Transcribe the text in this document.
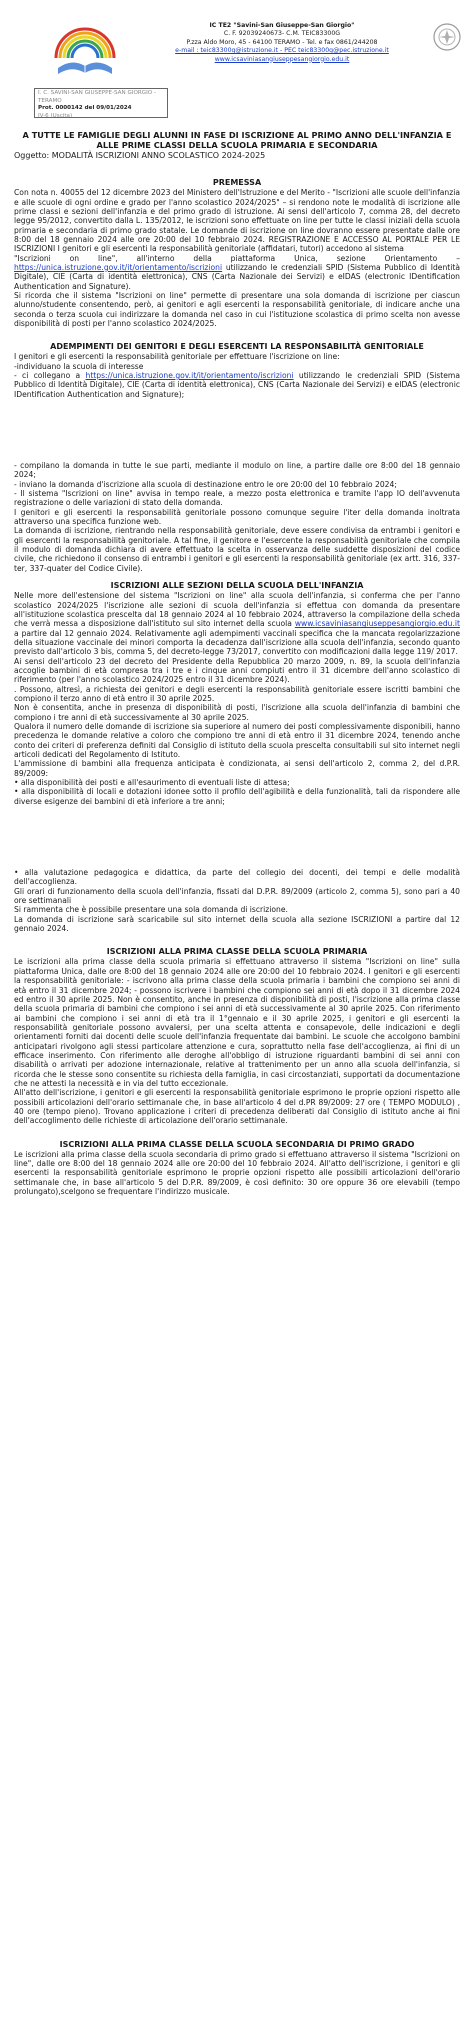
IC TE2 "Savini-San Giuseppe-San Giorgio"
C. F. 92039240673- C.M. TEIC83300G
P.zza Aldo Moro, 45 - 64100 TERAMO - Tel. e fax 0861/244208
e-mail : teic83300g@istruzione.it - PEC teic83300g@pec.istruzione.it
www.icsaviniasangiuseppesangiorgio.edu.it
I. C. SAVINI-SAN GIUSEPPE-SAN GIORGIO - TERAMO
Prot. 0000142 del 09/01/2024
IV-6 (Uscita)
A TUTTE LE FAMIGLIE DEGLI ALUNNI IN FASE DI ISCRIZIONE AL PRIMO ANNO DELL'INFANZIA E ALLE PRIME CLASSI DELLA SCUOLA PRIMARIA E SECONDARIA
Oggetto: MODALITÀ ISCRIZIONI ANNO SCOLASTICO 2024-2025
PREMESSA

Con nota n. 40055 del 12 dicembre 2023 del Ministero dell'Istruzione e del Merito - "Iscrizioni alle scuole dell'infanzia e alle scuole di ogni ordine e grado per l'anno scolastico 2024/2025" – si rendono note le modalità di iscrizione alle prime classi e sezioni dell'infanzia e del primo grado di istruzione. Ai sensi dell'articolo 7, comma 28, del decreto legge 95/2012, convertito dalla L. 135/2012, le iscrizioni sono effettuate on line per tutte le classi iniziali della scuola primaria e secondaria di primo grado statale. Le domande di iscrizione on line dovranno essere presentate dalle ore 8:00 del 18 gennaio 2024 alle ore 20:00 del 10 febbraio 2024. REGISTRAZIONE E ACCESSO AL PORTALE PER LE ISCRIZIONI I genitori e gli esercenti la responsabilità genitoriale (affidatari, tutori) accedono al sistema

"Iscrizioni on line", all'interno della piattaforma Unica, sezione Orientamento – https://unica.istruzione.gov.it/it/orientamento/iscrizioni utilizzando le credenziali SPID (Sistema Pubblico di Identità Digitale), CIE (Carta di identità elettronica), CNS (Carta Nazionale dei Servizi) e eIDAS (electronic IDentification Authentication and Signature).

Si ricorda che il sistema "Iscrizioni on line" permette di presentare una sola domanda di iscrizione per ciascun alunno/studente consentendo, però, ai genitori e agli esercenti la responsabilità genitoriale, di indicare anche una seconda o terza scuola cui indirizzare la domanda nel caso in cui l'istituzione scolastica di primo scelta non avesse disponibilità di posti per l'anno scolastico 2024/2025.

ADEMPIMENTI DEI GENITORI E DEGLI ESERCENTI LA RESPONSABILITÀ GENITORIALE

I genitori e gli esercenti la responsabilità genitoriale per effettuare l'iscrizione on line:

-individuano la scuola di interesse

- ci collegano a https://unica.istruzione.gov.it/it/orientamento/iscrizioni utilizzando le credenziali SPID (Sistema Pubblico di Identità Digitale), CIE (Carta di identità elettronica), CNS (Carta Nazionale dei Servizi) e eIDAS (electronic IDentification Authentication and Signature);

- compilano la domanda in tutte le sue parti, mediante il modulo on line, a partire dalle ore 8:00 del 18 gennaio 2024;

- inviano la domanda d'iscrizione alla scuola di destinazione entro le ore 20:00 del 10 febbraio 2024;

- Il sistema "Iscrizioni on line" avvisa in tempo reale, a mezzo posta elettronica e tramite l'app IO dell'avvenuta registrazione o delle variazioni di stato della domanda.

I genitori e gli esercenti la responsabilità genitoriale possono comunque seguire l'iter della domanda inoltrata attraverso una specifica funzione web.

La domanda di iscrizione, rientrando nella responsabilità genitoriale, deve essere condivisa da entrambi i genitori e gli esercenti la responsabilità genitoriale. A tal fine, il genitore e l'esercente la responsabilità genitoriale che compila il modulo di domanda dichiara di avere effettuato la scelta in osservanza delle suddette disposizioni del codice civile, che richiedono il consenso di entrambi i genitori e gli esercenti la responsabilità genitoriale (ex artt. 316, 337-ter, 337-quater del Codice Civile).

ISCRIZIONI ALLE SEZIONI DELLA SCUOLA DELL'INFANZIA

Nelle more dell'estensione del sistema "Iscrizioni on line" alla scuola dell'infanzia, si conferma che per l'anno scolastico 2024/2025 l'iscrizione alle sezioni di scuola dell'infanzia si effettua con domanda da presentare all'istituzione scolastica prescelta dal 18 gennaio 2024 al 10 febbraio 2024, attraverso la compilazione della scheda che verrà messa a disposizione dall'istituto sul sito internet della scuola www.icsaviniasangiuseppesangiorgio.edu.it a partire dal 12 gennaio 2024. Relativamente agli adempimenti vaccinali specifica che la mancata regolarizzazione della situazione vaccinale dei minori comporta la decadenza dall'iscrizione alla scuola dell'infanzia, secondo quanto previsto dall'articolo 3 bis, comma 5, del decreto-legge 73/2017, convertito con modificazioni dalla legge 119/ 2017.

Ai sensi dell'articolo 23 del decreto del Presidente della Repubblica 20 marzo 2009, n. 89, la scuola dell'infanzia accoglie bambini di età compresa tra i tre e i cinque anni compiuti entro il 31 dicembre dell'anno scolastico di riferimento (per l'anno scolastico 2024/2025 entro il 31 dicembre 2024).

. Possono, altresì, a richiesta dei genitori e degli esercenti la responsabilità genitoriale essere iscritti bambini che compiono il terzo anno di età entro il 30 aprile 2025.

Non è consentita, anche in presenza di disponibilità di posti, l'iscrizione alla scuola dell'infanzia di bambini che compiono i tre anni di età successivamente al 30 aprile 2025.

Qualora il numero delle domande di iscrizione sia superiore al numero dei posti complessivamente disponibili, hanno precedenza le domande relative a coloro che compiono tre anni di età entro il 31 dicembre 2024, tenendo anche conto dei criteri di preferenza definiti dal Consiglio di istituto della scuola prescelta consultabili sul sito internet negli articoli dedicati del Regolamento di Istituto.

L'ammissione di bambini alla frequenza anticipata è condizionata, ai sensi dell'articolo 2, comma 2, del d.P.R. 89/2009:

• alla disponibilità dei posti e all'esaurimento di eventuali liste di attesa;

• alla disponibilità di locali e dotazioni idonee sotto il profilo dell'agibilità e della funzionalità, tali da rispondere alle diverse esigenze dei bambini di età inferiore a tre anni;

• alla valutazione pedagogica e didattica, da parte del collegio dei docenti, dei tempi e delle modalità dell'accoglienza.

Gli orari di funzionamento della scuola dell'infanzia, fissati dal D.P.R. 89/2009 (articolo 2, comma 5), sono pari a 40 ore settimanali

Si rammenta che è possibile presentare una sola domanda di iscrizione.

La domanda di iscrizione sarà scaricabile sul sito internet della scuola alla sezione ISCRIZIONI a partire dal 12 gennaio 2024.

ISCRIZIONI ALLA PRIMA CLASSE DELLA SCUOLA PRIMARIA

Le iscrizioni alla prima classe della scuola primaria si effettuano attraverso il sistema "Iscrizioni on line" sulla piattaforma Unica, dalle ore 8:00 del 18 gennaio 2024 alle ore 20:00 del 10 febbraio 2024. I genitori e gli esercenti la responsabilità genitoriale: - iscrivono alla prima classe della scuola primaria i bambini che compiono sei anni di età entro il 31 dicembre 2024; - possono iscrivere i bambini che compiono sei anni di età dopo il 31 dicembre 2024 ed entro il 30 aprile 2025. Non è consentito, anche in presenza di disponibilità di posti, l'iscrizione alla prima classe della scuola primaria di bambini che compiono i sei anni di età successivamente al 30 aprile 2025. Con riferimento ai bambini che compiono i sei anni di età tra il 1°gennaio e il 30 aprile 2025, i genitori e gli esercenti la responsabilità genitoriale possono avvalersi, per una scelta attenta e consapevole, delle indicazioni e degli orientamenti forniti dai docenti delle scuole dell'infanzia frequentate dai bambini. Le scuole che accolgono bambini anticipatari rivolgono agli stessi particolare attenzione e cura, soprattutto nella fase dell'accoglienza, ai fini di un efficace inserimento. Con riferimento alle deroghe all'obbligo di istruzione riguardanti bambini di sei anni con disabilità o arrivati per adozione internazionale, relative al trattenimento per un anno alla scuola dell'infanzia, si ricorda che le stesse sono consentite su richiesta della famiglia, in casi circostanziati, supportati da documentazione che ne attesti la necessità e in via del tutto eccezionale.

All'atto dell'iscrizione, i genitori e gli esercenti la responsabilità genitoriale esprimono le proprie opzioni rispetto alle possibili articolazioni dell'orario settimanale che, in base all'articolo 4 del d.PR 89/2009: 27 ore ( TEMPO MODULO) , 40 ore (tempo pieno). Trovano applicazione i criteri di precedenza deliberati dal Consiglio di istituto anche ai fini dell'accoglimento delle richieste di articolazione dell'orario settimanale.

ISCRIZIONI ALLA PRIMA CLASSE DELLA SCUOLA SECONDARIA DI PRIMO GRADO

Le iscrizioni alla prima classe della scuola secondaria di primo grado si effettuano attraverso il sistema "Iscrizioni on line", dalle ore 8:00 del 18 gennaio 2024 alle ore 20:00 del 10 febbraio 2024. All'atto dell'iscrizione, i genitori e gli esercenti la responsabilità genitoriale esprimono le proprie opzioni rispetto alle possibili articolazioni dell'orario settimanale che, in base all'articolo 5 del D.P.R. 89/2009, è così definito: 30 ore oppure 36 ore elevabili (tempo prolungato),scelgono se frequentare l'indirizzo musicale.
